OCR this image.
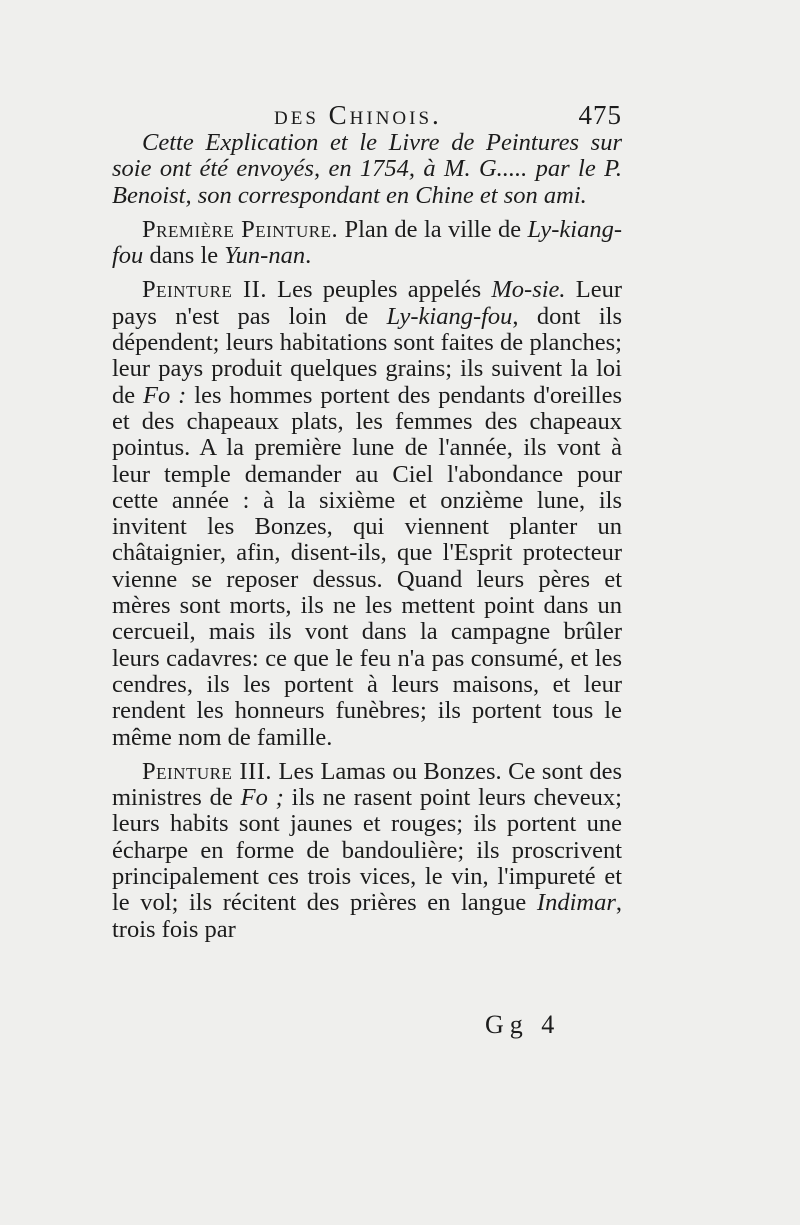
des Chinois.	475

Cette Explication et le Livre de Peintures sur soie ont été envoyés, en 1754, à M. G..... par le P. Benoist, son correspondant en Chine et son ami.

Première Peinture. Plan de la ville de Ly-kiang-fou dans le Yun-nan.

Peinture II. Les peuples appelés Mo-sie. Leur pays n'est pas loin de Ly-kiang-fou, dont ils dépendent; leurs habitations sont faites de planches; leur pays produit quelques grains; ils suivent la loi de Fo : les hommes portent des pendants d'oreilles et des chapeaux plats, les femmes des chapeaux pointus. A la première lune de l'année, ils vont à leur temple demander au Ciel l'abondance pour cette année : à la sixième et onzième lune, ils invitent les Bonzes, qui viennent planter un châtaignier, afin, disent-ils, que l'Esprit protecteur vienne se reposer dessus. Quand leurs pères et mères sont morts, ils ne les mettent point dans un cercueil, mais ils vont dans la campagne brûler leurs cadavres: ce que le feu n'a pas consumé, et les cendres, ils les portent à leurs maisons, et leur rendent les honneurs funèbres; ils portent tous le même nom de famille.

Peinture III. Les Lamas ou Bonzes. Ce sont des ministres de Fo ; ils ne rasent point leurs cheveux; leurs habits sont jaunes et rouges; ils portent une écharpe en forme de bandoulière; ils proscrivent principalement ces trois vices, le vin, l'impureté et le vol; ils récitent des prières en langue Indimar, trois fois par

Gg 4
